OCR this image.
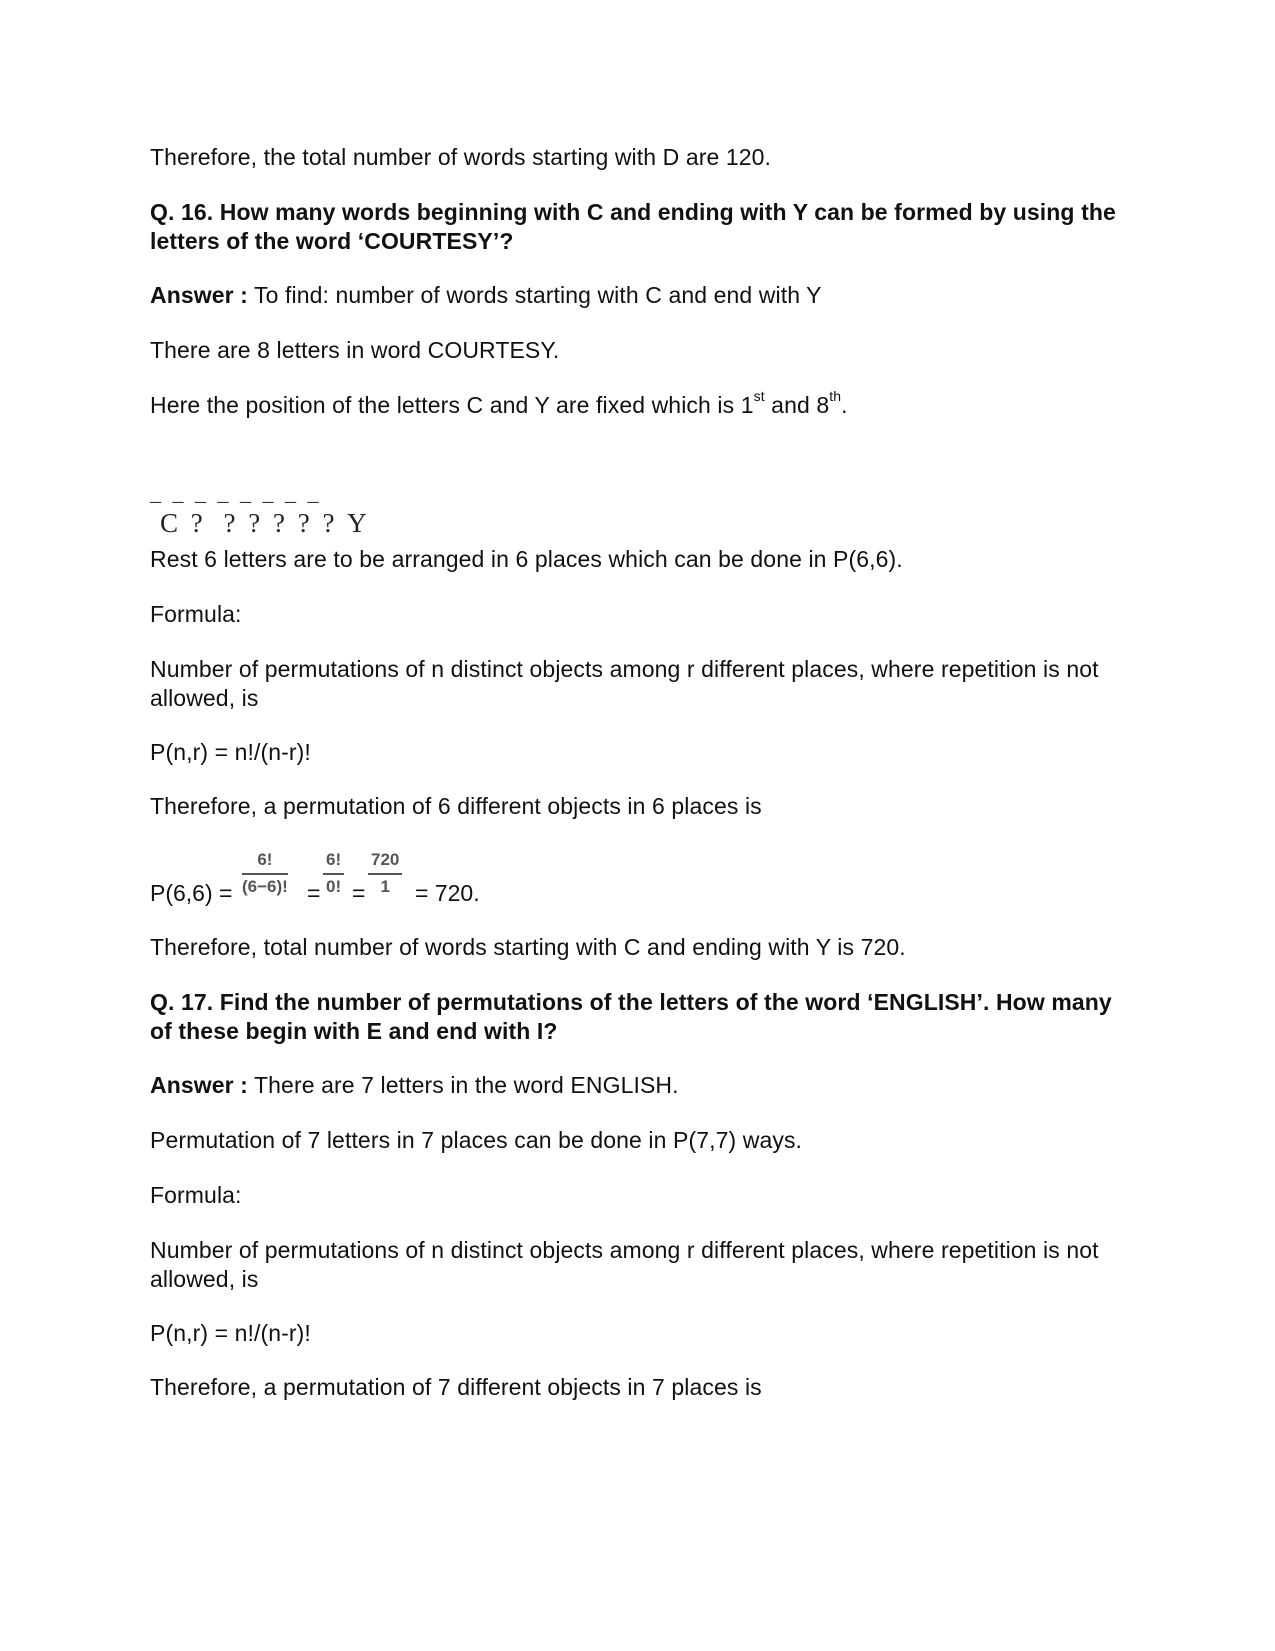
Therefore, the total number of words starting with D are 120.

Q. 16. How many words beginning with C and ending with Y can be formed by using the letters of the word ‘COURTESY’?

Answer : To find: number of words starting with C and end with Y

There are 8 letters in word COURTESY.

Here the position of the letters C and Y are fixed which is 1st and 8th.

_ _ _ _ _ _ _ _
C ? ? ? ? ? ? Y

Rest 6 letters are to be arranged in 6 places which can be done in P(6,6).

Formula:

Number of permutations of n distinct objects among r different places, where repetition is not allowed, is

P(n,r) = n!/(n-r)!

Therefore, a permutation of 6 different objects in 6 places is

$P(6,6) = \frac{6!}{(6-6)!} = \frac{6!}{0!} = \frac{720}{1} = 720$.

Therefore, total number of words starting with C and ending with Y is 720.

Q. 17. Find the number of permutations of the letters of the word ‘ENGLISH’. How many of these begin with E and end with I?

Answer : There are 7 letters in the word ENGLISH.

Permutation of 7 letters in 7 places can be done in P(7,7) ways.

Formula:

Number of permutations of n distinct objects among r different places, where repetition is not allowed, is

P(n,r) = n!/(n-r)!

Therefore, a permutation of 7 different objects in 7 places is
